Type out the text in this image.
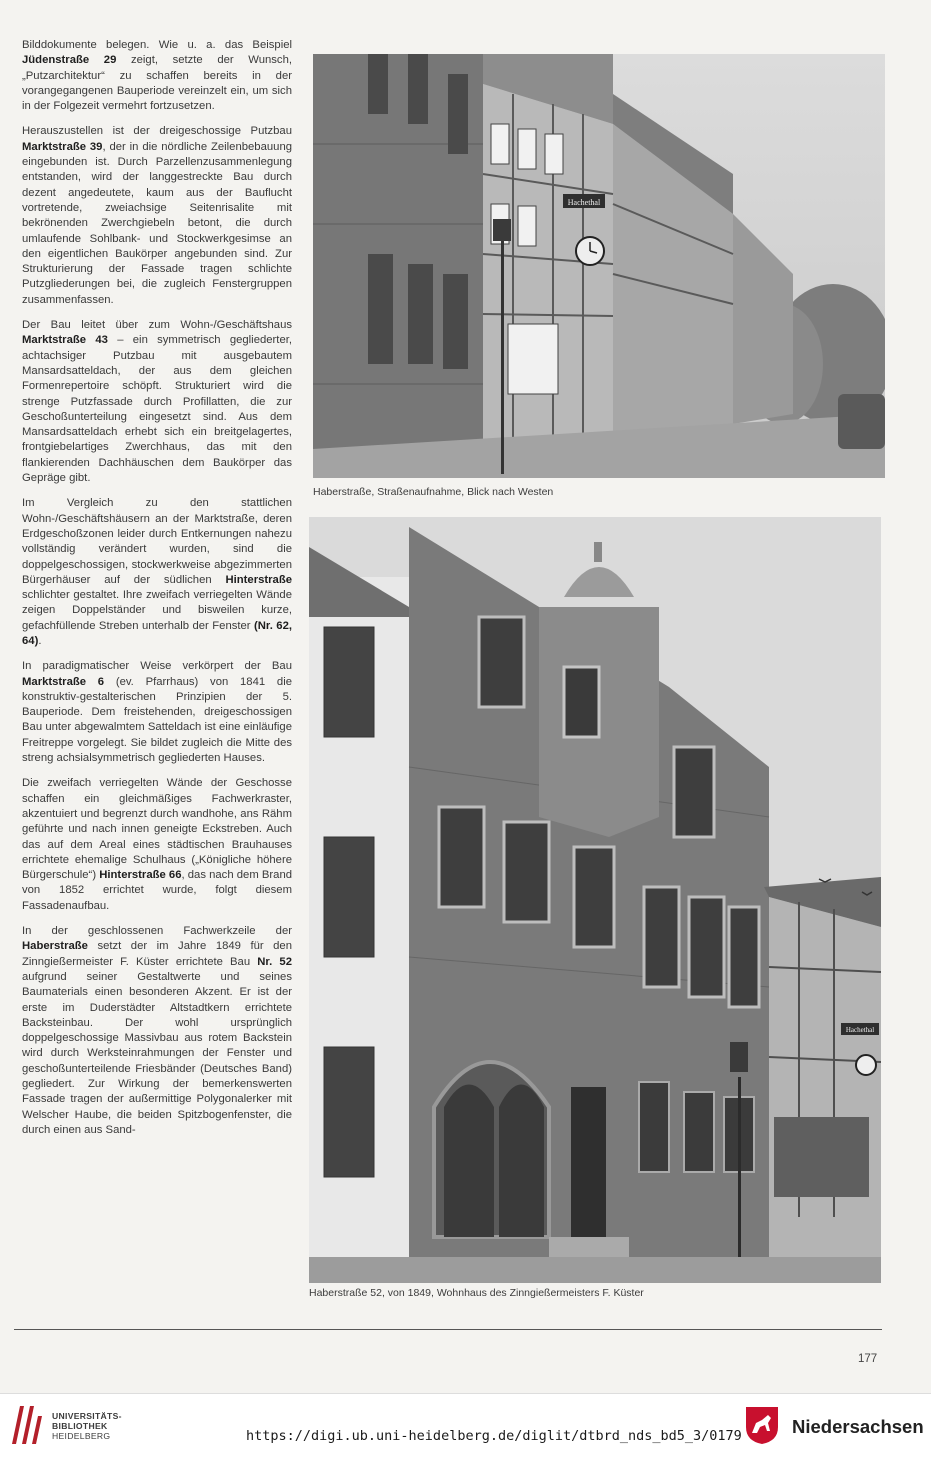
Bilddokumente belegen. Wie u. a. das Beispiel Jüdenstraße 29 zeigt, setzte der Wunsch, „Putzarchitektur“ zu schaffen bereits in der vorangegangenen Bauperiode vereinzelt ein, um sich in der Folgezeit vermehrt fortzusetzen.

Herauszustellen ist der dreigeschossige Putzbau Marktstraße 39, der in die nördliche Zeilenbebauung eingebunden ist. Durch Parzellenzusammenlegung entstanden, wird der langgestreckte Bau durch dezent angedeutete, kaum aus der Bauflucht vortretende, zweiachsige Seitenrisalite mit bekrönenden Zwerchgiebeln betont, die durch umlaufende Sohlbank- und Stockwerkgesimse an den eigentlichen Baukörper angebunden sind. Zur Strukturierung der Fassade tragen schlichte Putzgliederungen bei, die zugleich Fenstergruppen zusammenfassen.

Der Bau leitet über zum Wohn-/Geschäftshaus Marktstraße 43 – ein symmetrisch gegliederter, achtachsiger Putzbau mit ausgebautem Mansardsatteldach, der aus dem gleichen Formenrepertoire schöpft. Strukturiert wird die strenge Putzfassade durch Profillatten, die zur Geschoßunterteilung eingesetzt sind. Aus dem Mansardsatteldach erhebt sich ein breitgelagertes, frontgiebelartiges Zwerchhaus, das mit den flankierenden Dachhäuschen dem Baukörper das Gepräge gibt.

Im Vergleich zu den stattlichen Wohn-/Geschäftshäusern an der Marktstraße, deren Erdgeschoßzonen leider durch Entkernungen nahezu vollständig verändert wurden, sind die doppelgeschossigen, stockwerkweise abgezimmerten Bürgerhäuser auf der südlichen Hinterstraße schlichter gestaltet. Ihre zweifach verriegelten Wände zeigen Doppelständer und bisweilen kurze, gefachfüllende Streben unterhalb der Fenster (Nr. 62, 64).

In paradigmatischer Weise verkörpert der Bau Marktstraße 6 (ev. Pfarrhaus) von 1841 die konstruktiv-gestalterischen Prinzipien der 5. Bauperiode. Dem freistehenden, dreigeschossigen Bau unter abgewalmtem Satteldach ist eine einläufige Freitreppe vorgelegt. Sie bildet zugleich die Mitte des streng achsialsymmetrisch gegliederten Hauses.

Die zweifach verriegelten Wände der Geschosse schaffen ein gleichmäßiges Fachwerkraster, akzentuiert und begrenzt durch wandhohe, ans Rähm geführte und nach innen geneigte Eckstreben. Auch das auf dem Areal eines städtischen Brauhauses errichtete ehemalige Schulhaus („Königliche höhere Bürgerschule“) Hinterstraße 66, das nach dem Brand von 1852 errichtet wurde, folgt diesem Fassadenaufbau.

In der geschlossenen Fachwerkzeile der Haberstraße setzt der im Jahre 1849 für den Zinngießermeister F. Küster errichtete Bau Nr. 52 aufgrund seiner Gestaltwerte und seines Baumaterials einen besonderen Akzent. Er ist der erste im Duderstädter Altstadtkern errichtete Backsteinbau. Der wohl ursprünglich doppelgeschossige Massivbau aus rotem Backstein wird durch Werksteinrahmungen der Fenster und geschoßunterteilende Friesbänder (Deutsches Band) gegliedert. Zur Wirkung der bemerkenswerten Fassade tragen der außermittige Polygonalerker mit Welscher Haube, die beiden Spitzbogenfenster, die durch einen aus Sand-

Hachethal
Haberstraße, Straßenaufnahme, Blick nach Westen
Hachethal
Haberstraße 52, von 1849, Wohnhaus des Zinngießermeisters F. Küster
177
UNIVERSITÄTS-
BIBLIOTHEK
HEIDELBERG	https://digi.ub.uni-heidelberg.de/diglit/dtbrd_nds_bd5_3/0179	Niedersachsen
